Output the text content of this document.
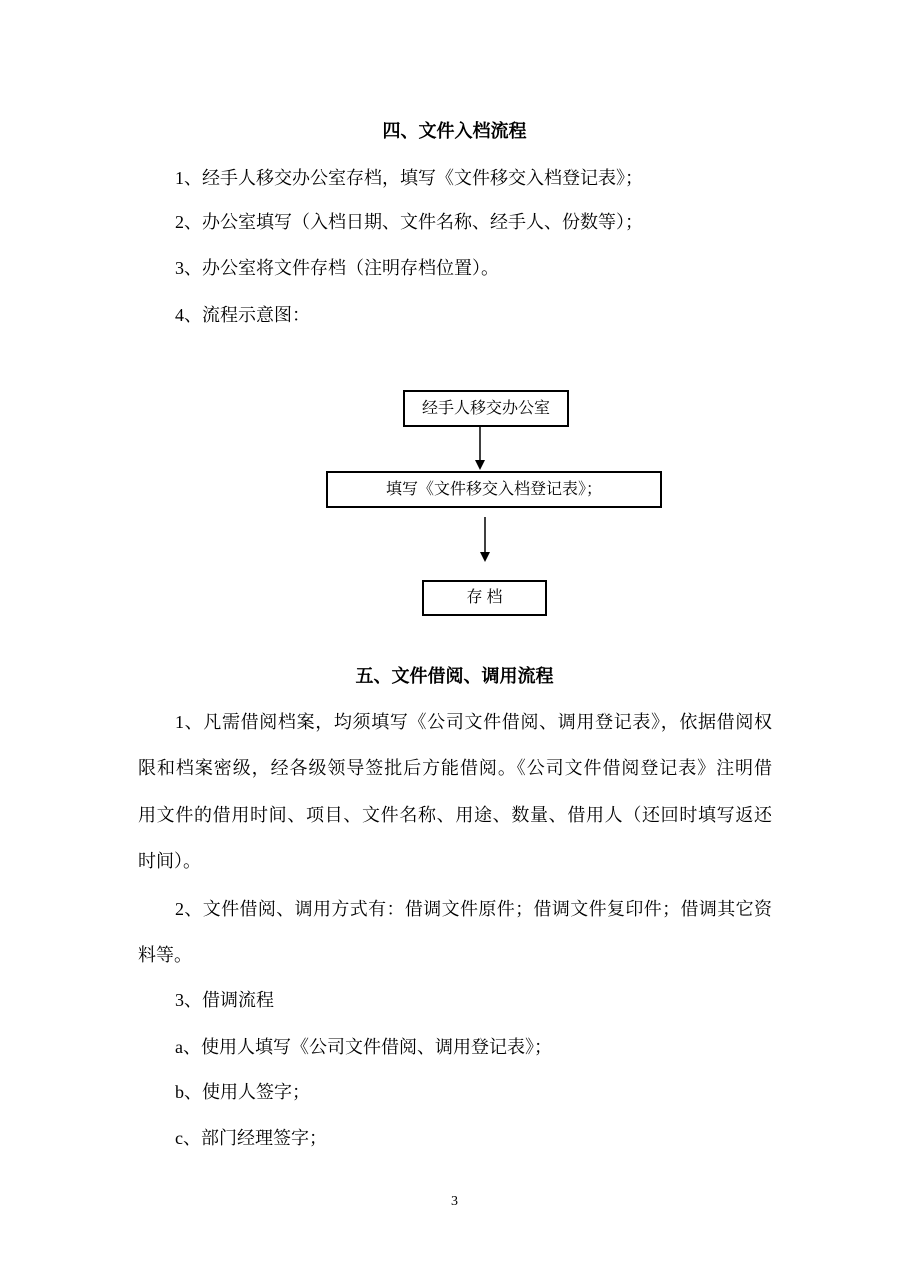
四、文件入档流程
1、经手人移交办公室存档，填写《文件移交入档登记表》；
2、办公室填写（入档日期、文件名称、经手人、份数等）；
3、办公室将文件存档（注明存档位置）。
4、流程示意图：
经手人移交办公室
填写《文件移交入档登记表》；
存 档
五、文件借阅、调用流程
1、凡需借阅档案，均须填写《公司文件借阅、调用登记表》，依据借阅权
限和档案密级，经各级领导签批后方能借阅。《公司文件借阅登记表》注明借
用文件的借用时间、项目、文件名称、用途、数量、借用人（还回时填写返还
时间）。
2、文件借阅、调用方式有：借调文件原件；借调文件复印件；借调其它资
料等。
3、借调流程
a、使用人填写《公司文件借阅、调用登记表》；
b、使用人签字；
c、部门经理签字；
3
